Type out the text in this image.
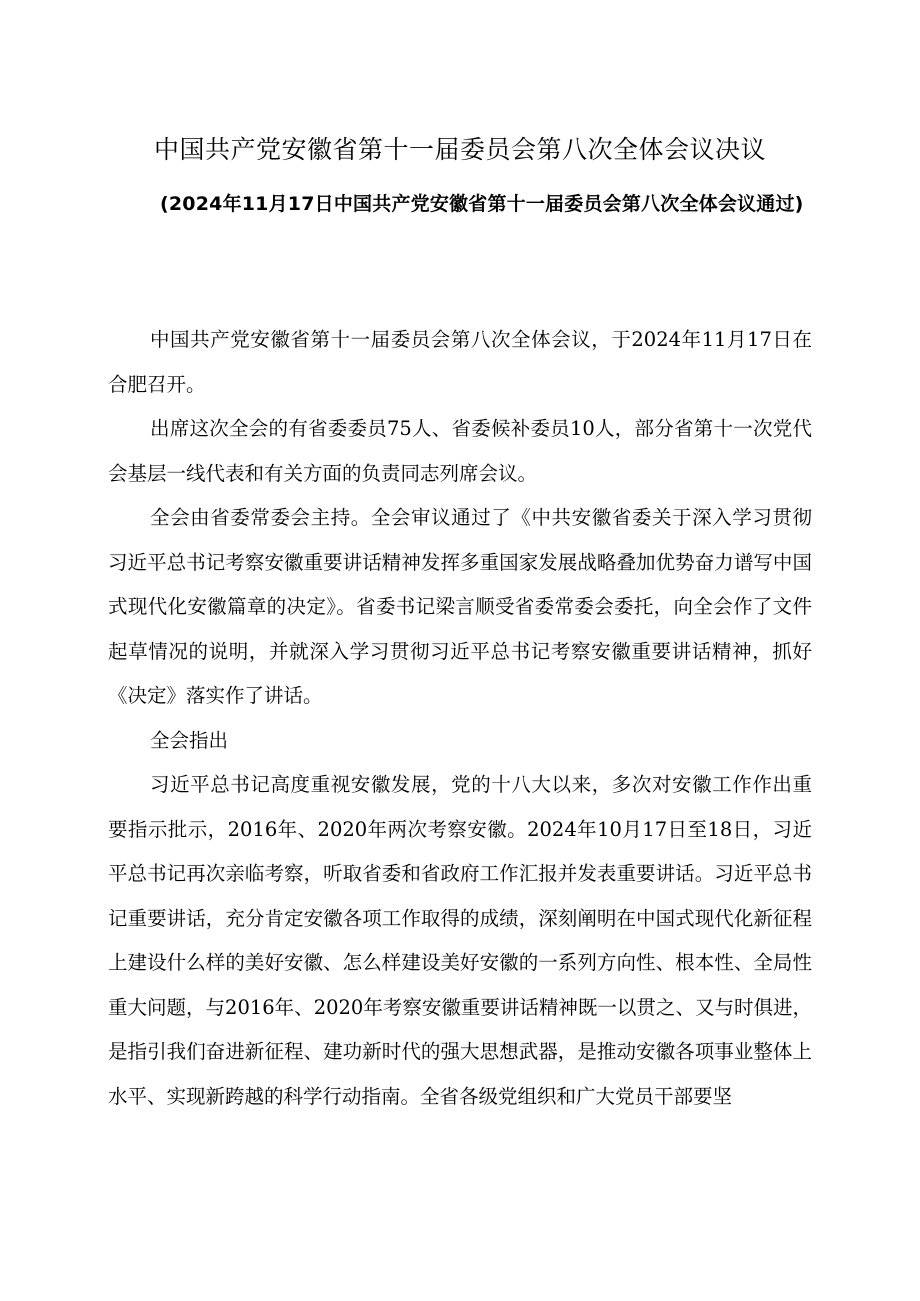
中国共产党安徽省第十一届委员会第八次全体会议决议

(2024年11月17日中国共产党安徽省第十一届委员会第八次全体会议通过)

中国共产党安徽省第十一届委员会第八次全体会议，于2024年11月17日在合肥召开。

出席这次全会的有省委委员75人、省委候补委员10人，部分省第十一次党代会基层一线代表和有关方面的负责同志列席会议。

全会由省委常委会主持。全会审议通过了《中共安徽省委关于深入学习贯彻习近平总书记考察安徽重要讲话精神发挥多重国家发展战略叠加优势奋力谱写中国式现代化安徽篇章的决定》。省委书记梁言顺受省委常委会委托，向全会作了文件起草情况的说明，并就深入学习贯彻习近平总书记考察安徽重要讲话精神，抓好《决定》落实作了讲话。

全会指出

习近平总书记高度重视安徽发展，党的十八大以来，多次对安徽工作作出重要指示批示，2016年、2020年两次考察安徽。2024年10月17日至18日，习近平总书记再次亲临考察，听取省委和省政府工作汇报并发表重要讲话。习近平总书记重要讲话，充分肯定安徽各项工作取得的成绩，深刻阐明在中国式现代化新征程上建设什么样的美好安徽、怎么样建设美好安徽的一系列方向性、根本性、全局性重大问题，与2016年、2020年考察安徽重要讲话精神既一以贯之、又与时俱进，是指引我们奋进新征程、建功新时代的强大思想武器，是推动安徽各项事业整体上水平、实现新跨越的科学行动指南。全省各级党组织和广大党员干部要坚
